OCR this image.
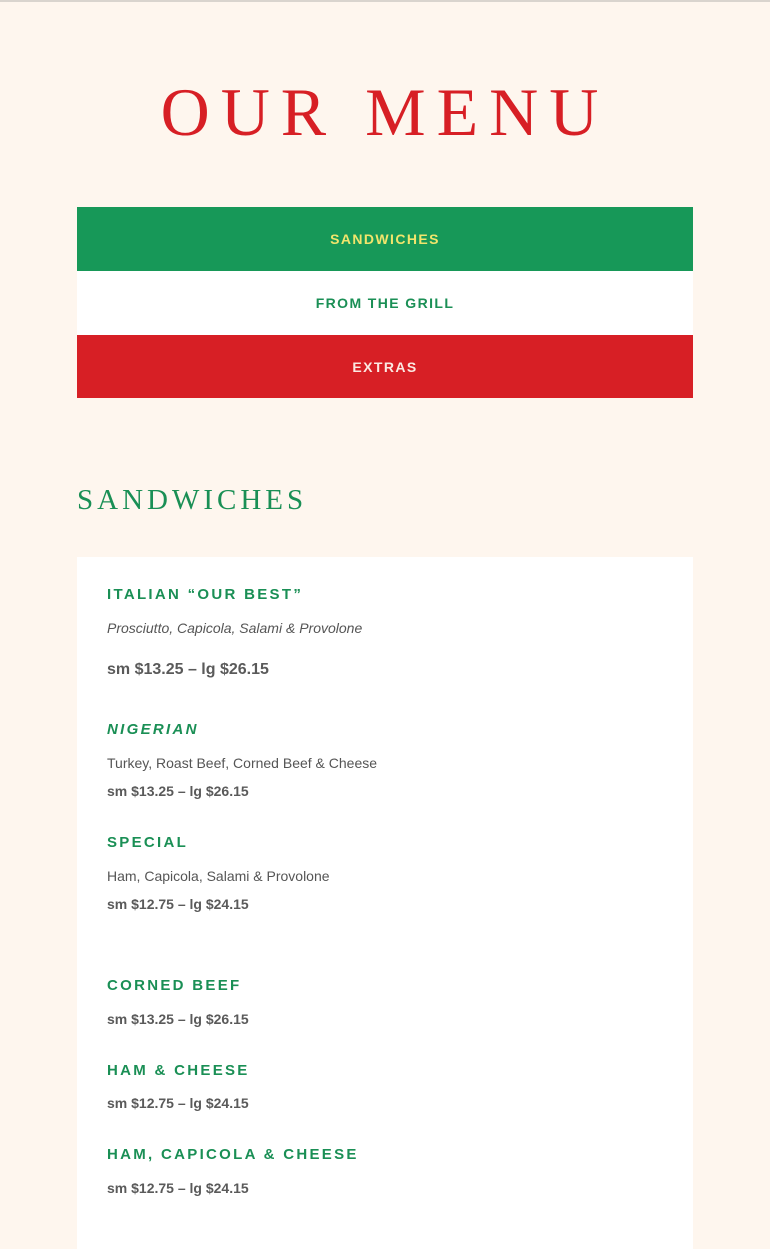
OUR MENU
SANDWICHES
FROM THE GRILL
EXTRAS
SANDWICHES

ITALIAN “OUR BEST”

Prosciutto, Capicola, Salami & Provolone

sm $13.25 – lg $26.15

NIGERIAN

Turkey, Roast Beef, Corned Beef & Cheese

sm $13.25 – lg $26.15

SPECIAL

Ham, Capicola, Salami & Provolone

sm $12.75 – lg $24.15

CORNED BEEF

sm $13.25 – lg $26.15

HAM & CHEESE

sm $12.75 – lg $24.15

HAM, CAPICOLA & CHEESE

sm $12.75 – lg $24.15
